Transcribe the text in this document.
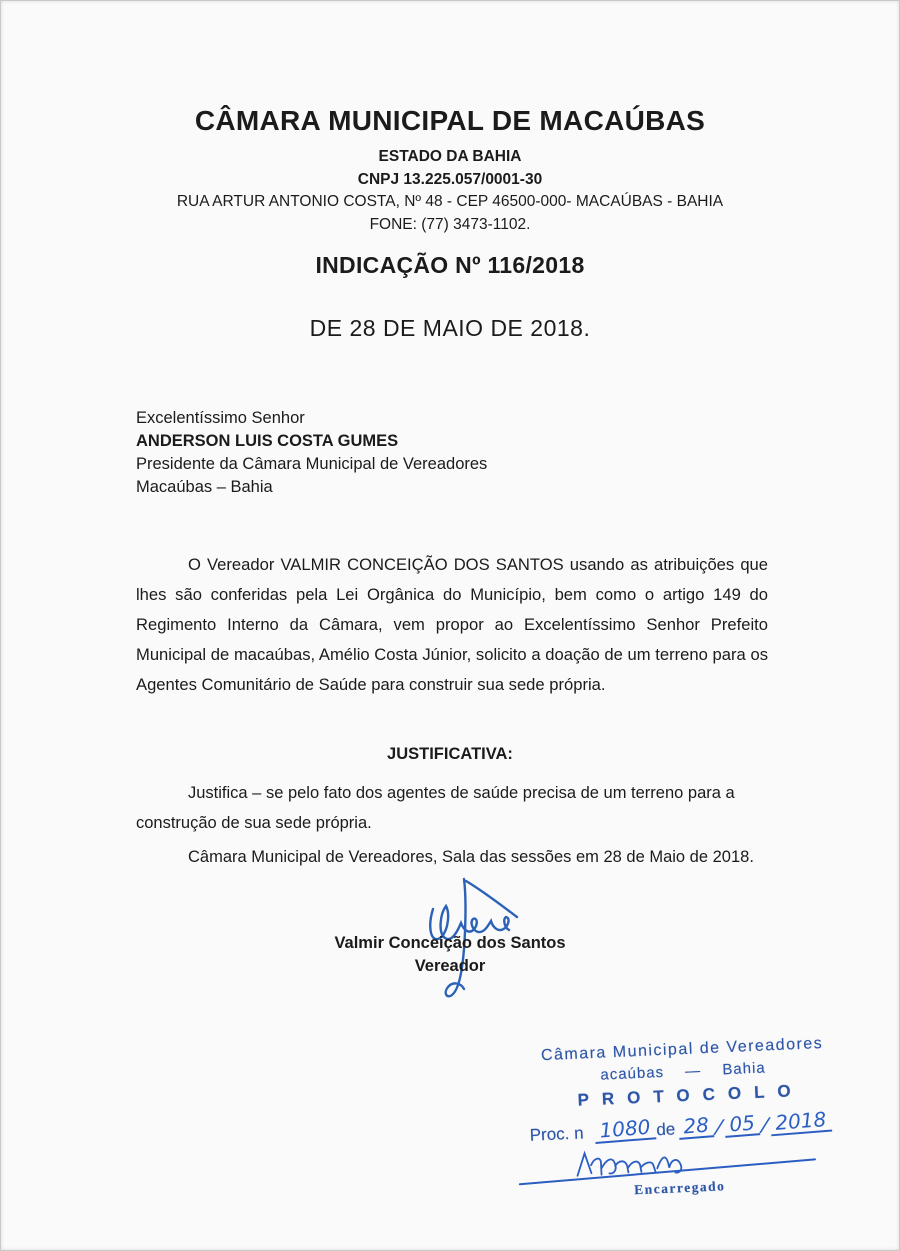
CÂMARA MUNICIPAL DE MACAÚBAS
ESTADO DA BAHIA
CNPJ 13.225.057/0001-30
RUA ARTUR ANTONIO COSTA, Nº 48 - CEP 46500-000- MACAÚBAS - BAHIA
FONE: (77) 3473-1102.
INDICAÇÃO Nº 116/2018
DE 28 DE MAIO DE 2018.
Excelentíssimo Senhor
ANDERSON LUIS COSTA GUMES
Presidente da Câmara Municipal de Vereadores
Macaúbas – Bahia

O Vereador VALMIR CONCEIÇÃO DOS SANTOS usando as atribuições que lhes são conferidas pela Lei Orgânica do Município, bem como o artigo 149 do Regimento Interno da Câmara, vem propor ao Excelentíssimo Senhor Prefeito Municipal de macaúbas, Amélio Costa Júnior, solicito a doação de um terreno para os Agentes Comunitário de Saúde para construir sua sede própria.

JUSTIFICATIVA:

Justifica – se pelo fato dos agentes de saúde precisa de um terreno para a construção de sua sede própria.

Câmara Municipal de Vereadores, Sala das sessões em 28 de Maio de 2018.

Valmir Conceição dos Santos
Vereador
Câmara Municipal de Vereadores
acaúbas — Bahia
PROTOCOLO
Proc. n 1080 de 28 / 05 / 2018
Encarregado
